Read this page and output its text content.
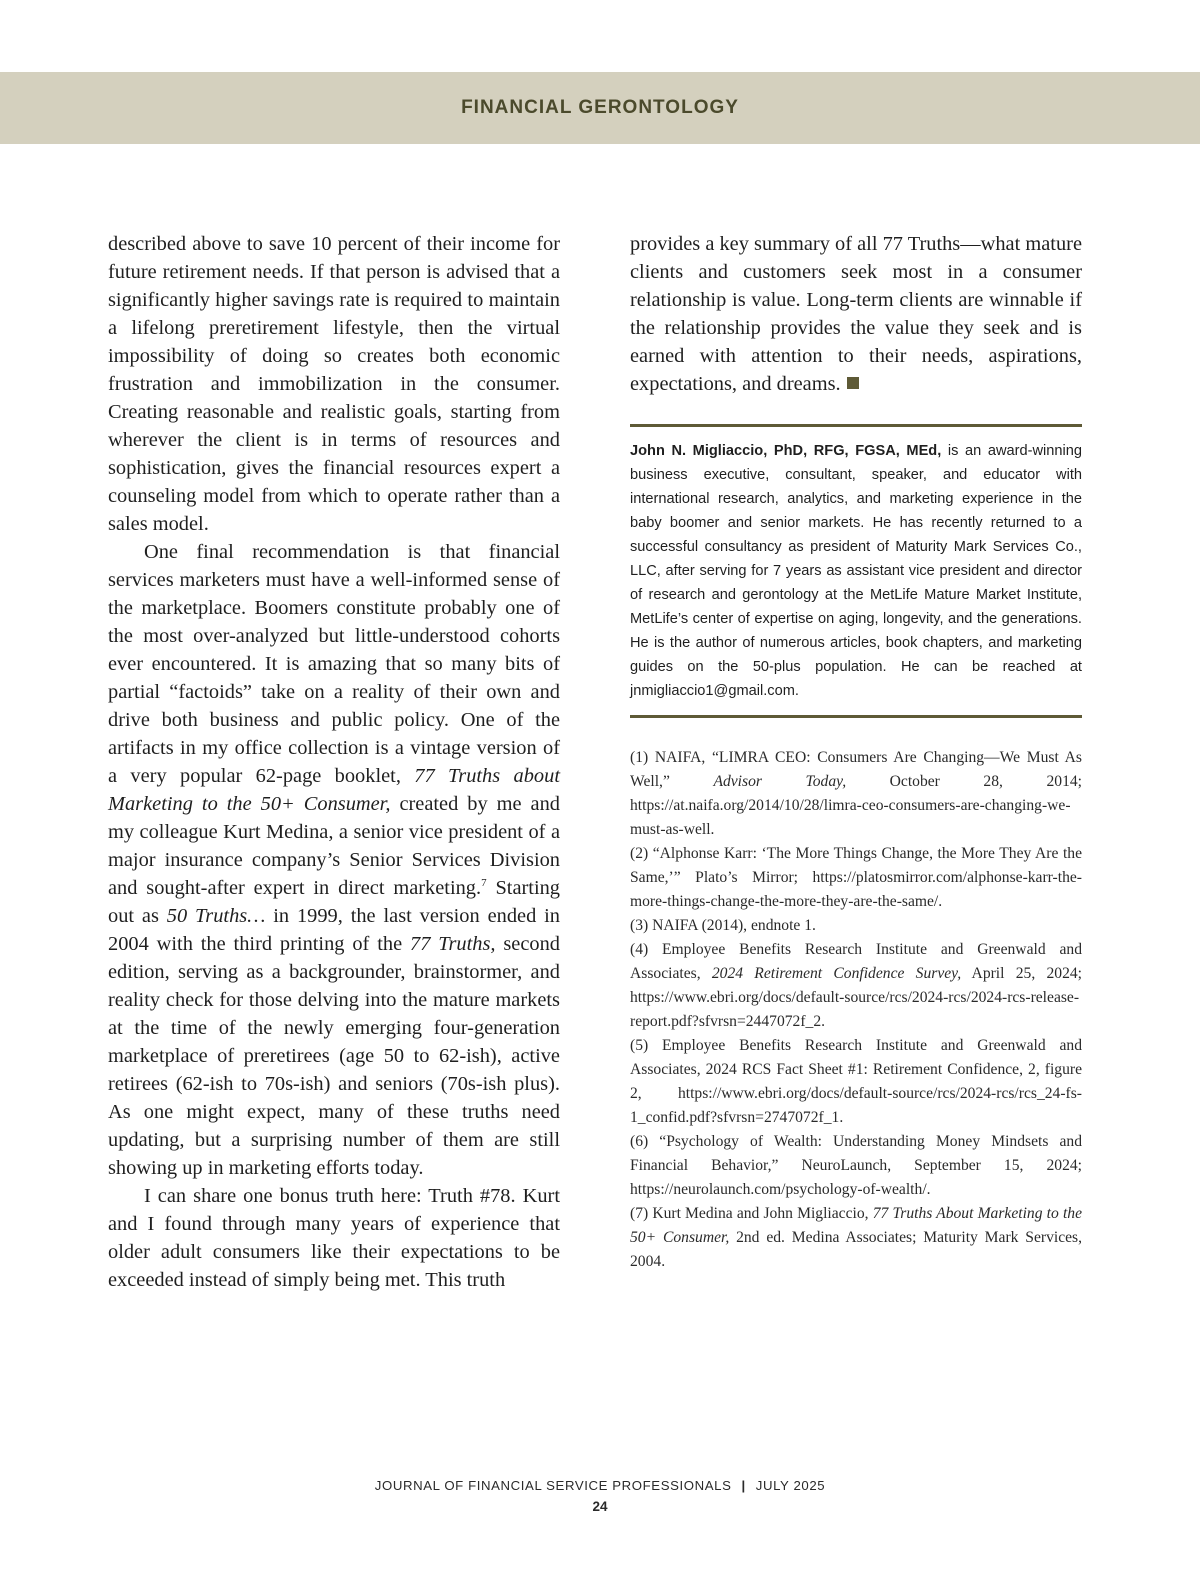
FINANCIAL GERONTOLOGY

described above to save 10 percent of their income for future retirement needs. If that person is advised that a significantly higher savings rate is required to maintain a lifelong preretirement lifestyle, then the virtual impossibility of doing so creates both economic frustration and immobilization in the consumer. Creating reasonable and realistic goals, starting from wherever the client is in terms of resources and sophistication, gives the financial resources expert a counseling model from which to operate rather than a sales model.

One final recommendation is that financial services marketers must have a well-informed sense of the marketplace. Boomers constitute probably one of the most over-analyzed but little-understood cohorts ever encountered. It is amazing that so many bits of partial “factoids” take on a reality of their own and drive both business and public policy. One of the artifacts in my office collection is a vintage version of a very popular 62-page booklet, 77 Truths about Marketing to the 50+ Consumer, created by me and my colleague Kurt Medina, a senior vice president of a major insurance company’s Senior Services Division and sought-after expert in direct marketing.$^7$ Starting out as 50 Truths… in 1999, the last version ended in 2004 with the third printing of the 77 Truths, second edition, serving as a backgrounder, brainstormer, and reality check for those delving into the mature markets at the time of the newly emerging four-generation marketplace of preretirees (age 50 to 62-ish), active retirees (62-ish to 70s-ish) and seniors (70s-ish plus). As one might expect, many of these truths need updating, but a surprising number of them are still showing up in marketing efforts today.

I can share one bonus truth here: Truth #78. Kurt and I found through many years of experience that older adult consumers like their expectations to be exceeded instead of simply being met. This truth

provides a key summary of all 77 Truths—what mature clients and customers seek most in a consumer relationship is value. Long-term clients are winnable if the relationship provides the value they seek and is earned with attention to their needs, aspirations, expectations, and dreams.

John N. Migliaccio, PhD, RFG, FGSA, MEd, is an award-winning business executive, consultant, speaker, and educator with international research, analytics, and marketing experience in the baby boomer and senior markets. He has recently returned to a successful consultancy as president of Maturity Mark Services Co., LLC, after serving for 7 years as assistant vice president and director of research and gerontology at the MetLife Mature Market Institute, MetLife’s center of expertise on aging, longevity, and the generations. He is the author of numerous articles, book chapters, and marketing guides on the 50-plus population. He can be reached at jnmigliaccio1@gmail.com.

(1) NAIFA, “LIMRA CEO: Consumers Are Changing—We Must As Well,” Advisor Today, October 28, 2014; https://at.naifa.org/2014/10/28/limra-ceo-consumers-are-changing-we-must-as-well.

(2) “Alphonse Karr: ‘The More Things Change, the More They Are the Same,’” Plato’s Mirror; https://platosmirror.com/alphonse-karr-the-more-things-change-the-more-they-are-the-same/.

(3) NAIFA (2014), endnote 1.

(4) Employee Benefits Research Institute and Greenwald and Associates, 2024 Retirement Confidence Survey, April 25, 2024; https://www.ebri.org/docs/default-source/rcs/2024-rcs/2024-rcs-release-report.pdf?sfvrsn=2447072f_2.

(5) Employee Benefits Research Institute and Greenwald and Associates, 2024 RCS Fact Sheet #1: Retirement Confidence, 2, figure 2, https://www.ebri.org/docs/default-source/rcs/2024-rcs/rcs_24-fs-1_confid.pdf?sfvrsn=2747072f_1.

(6) “Psychology of Wealth: Understanding Money Mindsets and Financial Behavior,” NeuroLaunch, September 15, 2024; https://neurolaunch.com/psychology-of-wealth/.

(7) Kurt Medina and John Migliaccio, 77 Truths About Marketing to the 50+ Consumer, 2nd ed. Medina Associates; Maturity Mark Services, 2004.

JOURNAL OF FINANCIAL SERVICE PROFESSIONALS | JULY 2025
24
